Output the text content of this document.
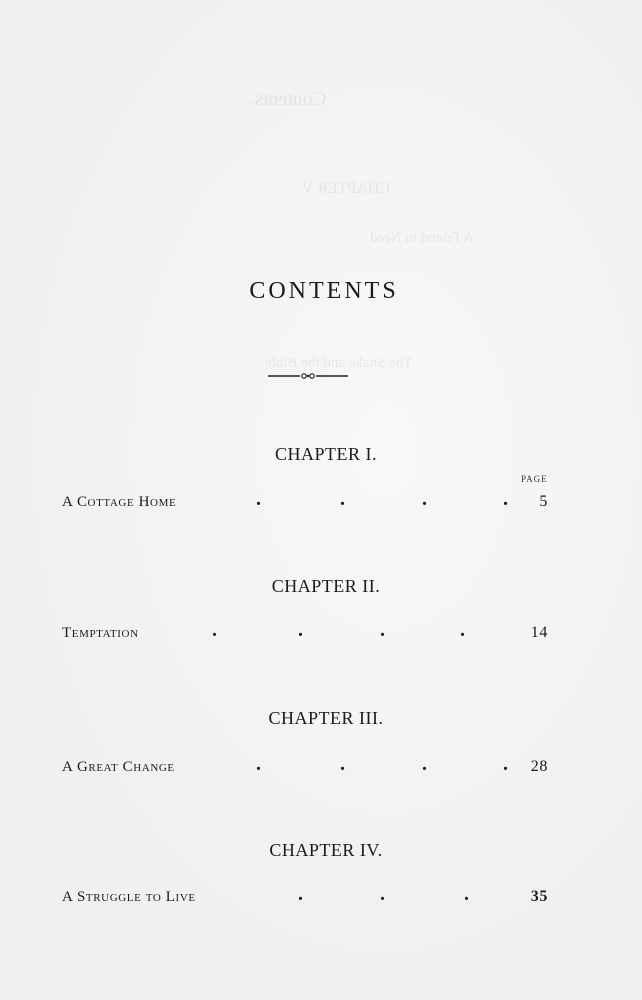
Contents.
CHAPTER V.
A Friend in Need
The Snake and the Bible
CONTENTS
CHAPTER I.
PAGE
A Cottage Home	.	.	.	. 5
CHAPTER II.
Temptation	.	.	.	.	14
CHAPTER III.
A Great Change	.	.	.	. 28
CHAPTER IV.
A Struggle to Live	.	.	.	35
